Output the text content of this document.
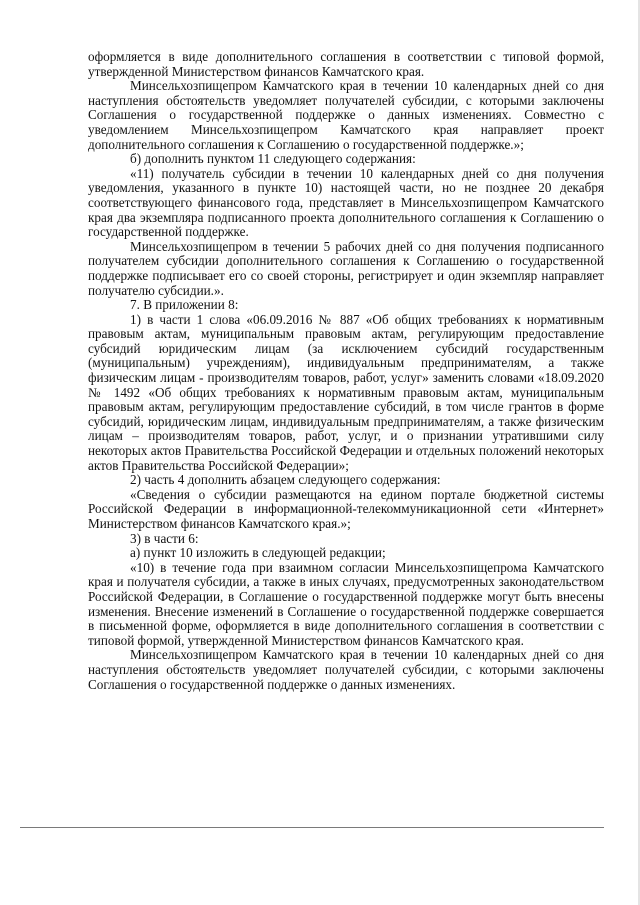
оформляется в виде дополнительного соглашения в соответствии с типовой формой, утвержденной Министерством финансов Камчатского края.

Минсельхозпищепром Камчатского края в течении 10 календарных дней со дня наступления обстоятельств уведомляет получателей субсидии, с которыми заключены Соглашения о государственной поддержке о данных изменениях. Совместно с уведомлением Минсельхозпищепром Камчатского края направляет проект дополнительного соглашения к Соглашению о государственной поддержке.»;

б) дополнить пунктом 11 следующего содержания:

«11) получатель субсидии в течении 10 календарных дней со дня получения уведомления, указанного в пункте 10) настоящей части, но не позднее 20 декабря соответствующего финансового года, представляет в Минсельхозпищепром Камчатского края два экземпляра подписанного проекта дополнительного соглашения к Соглашению о государственной поддержке.

Минсельхозпищепром в течении 5 рабочих дней со дня получения подписанного получателем субсидии дополнительного соглашения к Соглашению о государственной поддержке подписывает его со своей стороны, регистрирует и один экземпляр направляет получателю субсидии.».

7. В приложении 8:

1) в части 1 слова «06.09.2016 № 887 «Об общих требованиях к нормативным правовым актам, муниципальным правовым актам, регулирующим предоставление субсидий юридическим лицам (за исключением субсидий государственным (муниципальным) учреждениям), индивидуальным предпринимателям, а также физическим лицам - производителям товаров, работ, услуг» заменить словами «18.09.2020 № 1492 «Об общих требованиях к нормативным правовым актам, муниципальным правовым актам, регулирующим предоставление субсидий, в том числе грантов в форме субсидий, юридическим лицам, индивидуальным предпринимателям, а также физическим лицам – производителям товаров, работ, услуг, и о признании утратившими силу некоторых актов Правительства Российской Федерации и отдельных положений некоторых актов Правительства Российской Федерации»;

2) часть 4 дополнить абзацем следующего содержания:

«Сведения о субсидии размещаются на едином портале бюджетной системы Российской Федерации в информационной-телекоммуникационной сети «Интернет» Министерством финансов Камчатского края.»;

3) в части 6:

а) пункт 10 изложить в следующей редакции;

«10) в течение года при взаимном согласии Минсельхозпищепрома Камчатского края и получателя субсидии, а также в иных случаях, предусмотренных законодательством Российской Федерации, в Соглашение о государственной поддержке могут быть внесены изменения. Внесение изменений в Соглашение о государственной поддержке совершается в письменной форме, оформляется в виде дополнительного соглашения в соответствии с типовой формой, утвержденной Министерством финансов Камчатского края.

Минсельхозпищепром Камчатского края в течении 10 календарных дней со дня наступления обстоятельств уведомляет получателей субсидии, с которыми заключены Соглашения о государственной поддержке о данных изменениях.
